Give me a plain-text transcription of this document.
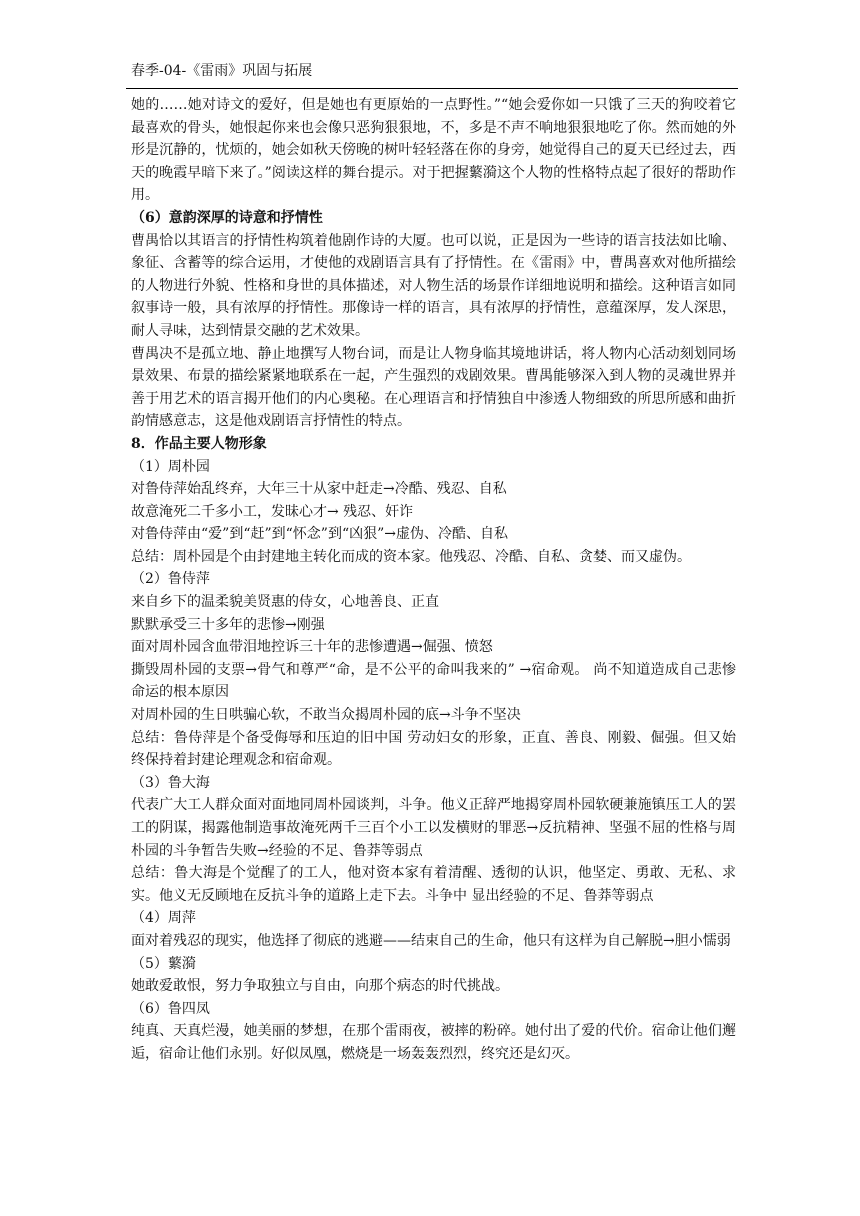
春季-04-《雷雨》巩固与拓展

她的……她对诗文的爱好，但是她也有更原始的一点野性。”“她会爱你如一只饿了三天的狗咬着它最喜欢的骨头，她恨起你来也会像只恶狗狠狠地，不，多是不声不响地狠狠地吃了你。然而她的外形是沉静的，忧烦的，她会如秋天傍晚的树叶轻轻落在你的身旁，她觉得自己的夏天已经过去，西天的晚霞早暗下来了。”阅读这样的舞台提示。对于把握蘩漪这个人物的性格特点起了很好的帮助作用。

（6）意韵深厚的诗意和抒情性

曹禺恰以其语言的抒情性构筑着他剧作诗的大厦。也可以说，正是因为一些诗的语言技法如比喻、象征、含蓄等的综合运用，才使他的戏剧语言具有了抒情性。在《雷雨》中，曹禺喜欢对他所描绘的人物进行外貌、性格和身世的具体描述，对人物生活的场景作详细地说明和描绘。这种语言如同叙事诗一般，具有浓厚的抒情性。那像诗一样的语言，具有浓厚的抒情性，意蕴深厚，发人深思，耐人寻味，达到情景交融的艺术效果。

曹禺决不是孤立地、静止地撰写人物台词，而是让人物身临其境地讲话，将人物内心活动刻划同场景效果、布景的描绘紧紧地联系在一起，产生强烈的戏剧效果。曹禺能够深入到人物的灵魂世界并善于用艺术的语言揭开他们的内心奥秘。在心理语言和抒情独自中渗透人物细致的所思所感和曲折韵情感意志，这是他戏剧语言抒情性的特点。

8．作品主要人物形象

（1）周朴园

对鲁侍萍始乱终弃，大年三十从家中赶走→冷酷、残忍、自私

故意淹死二千多小工，发昧心才→ 残忍、奸诈

对鲁侍萍由“爱”到“赶”到“怀念”到“凶狠”→虚伪、冷酷、自私

总结：周朴园是个由封建地主转化而成的资本家。他残忍、冷酷、自私、贪婪、而又虚伪。

（2）鲁侍萍

来自乡下的温柔貌美贤惠的侍女，心地善良、正直

默默承受三十多年的悲惨→刚强

面对周朴园含血带泪地控诉三十年的悲惨遭遇→倔强、愤怒

撕毁周朴园的支票→骨气和尊严“命，是不公平的命叫我来的” →宿命观。 尚不知道造成自己悲惨命运的根本原因

对周朴园的生日哄骗心软，不敢当众揭周朴园的底→斗争不坚决

总结：鲁侍萍是个备受侮辱和压迫的旧中国 劳动妇女的形象，正直、善良、刚毅、倔强。但又始终保持着封建论理观念和宿命观。

（3）鲁大海

代表广大工人群众面对面地同周朴园谈判，斗争。他义正辞严地揭穿周朴园软硬兼施镇压工人的罢工的阴谋，揭露他制造事故淹死两千三百个小工以发横财的罪恶→反抗精神、坚强不屈的性格与周朴园的斗争暂告失败→经验的不足、鲁莽等弱点

总结：鲁大海是个觉醒了的工人，他对资本家有着清醒、透彻的认识，他坚定、勇敢、无私、求实。他义无反顾地在反抗斗争的道路上走下去。斗争中 显出经验的不足、鲁莽等弱点

（4）周萍

面对着残忍的现实，他选择了彻底的逃避——结束自己的生命，他只有这样为自己解脱→胆小懦弱

（5）蘩漪

她敢爱敢恨，努力争取独立与自由，向那个病态的时代挑战。

（6）鲁四凤

纯真、天真烂漫，她美丽的梦想，在那个雷雨夜，被摔的粉碎。她付出了爱的代价。宿命让他们邂逅，宿命让他们永别。好似凤凰，燃烧是一场轰轰烈烈，终究还是幻灭。
